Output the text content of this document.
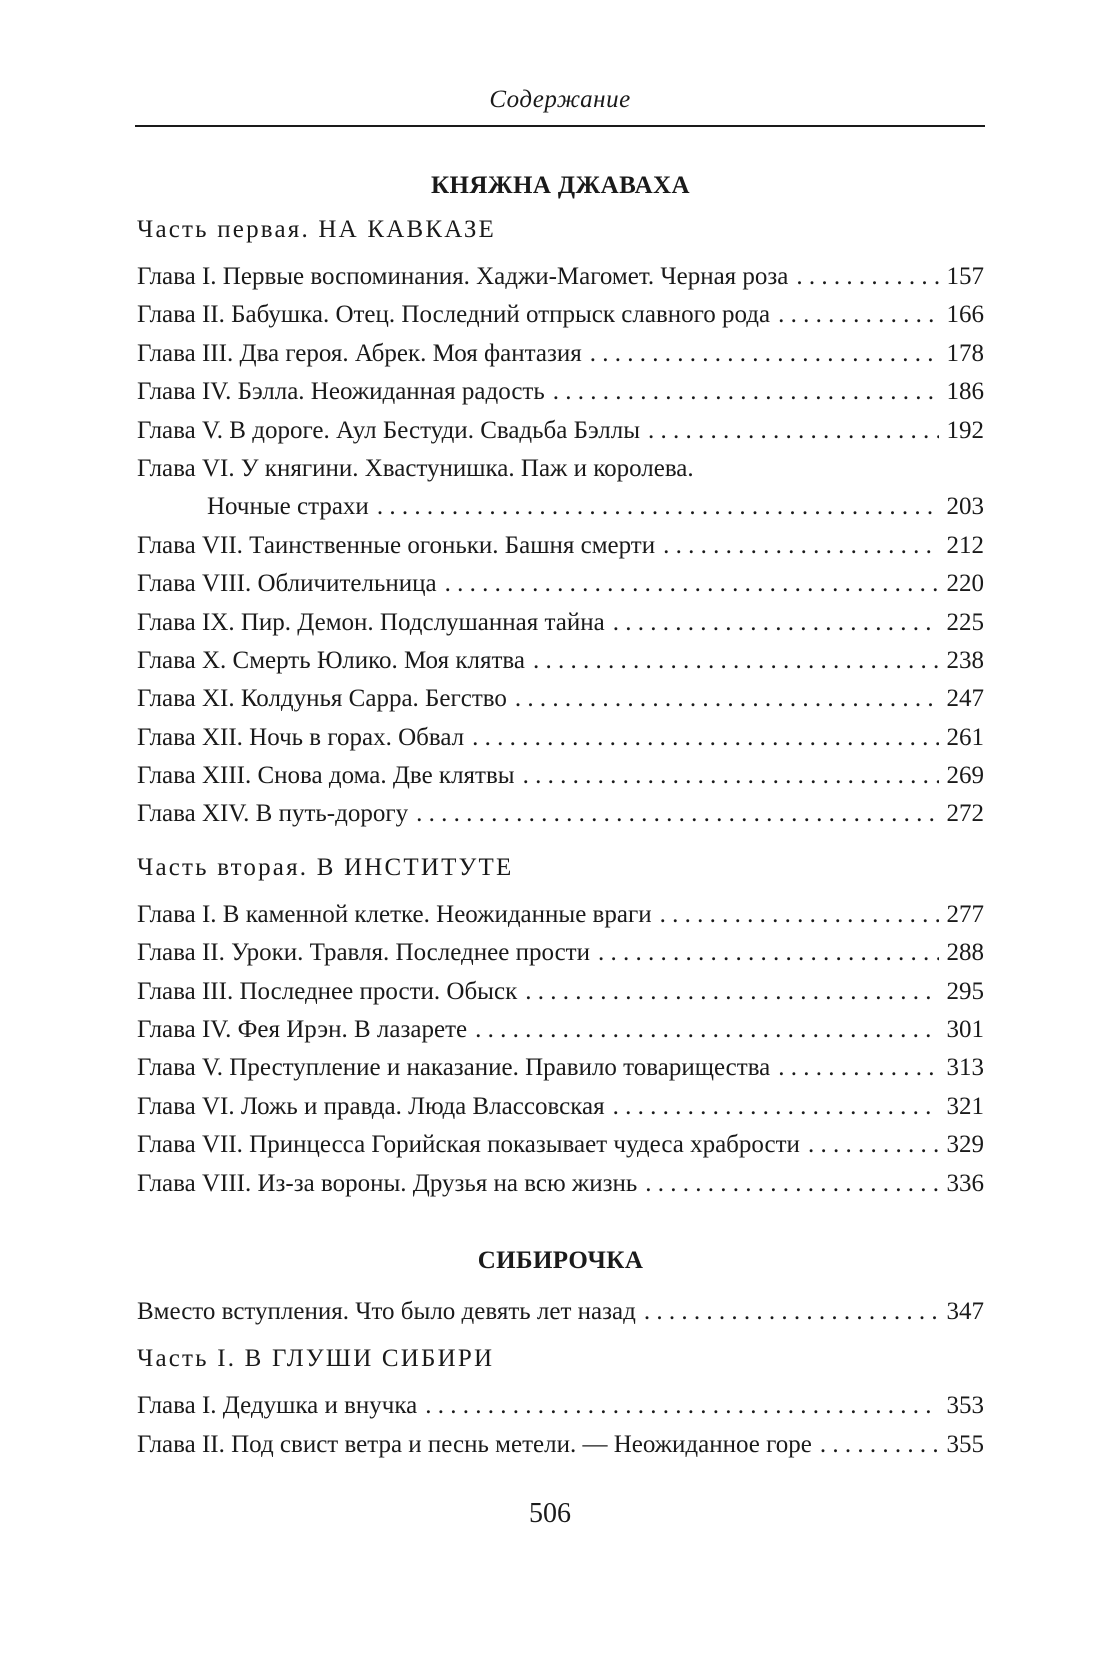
Содержание
КНЯЖНА ДЖАВАХА
Часть первая. НА КАВКАЗЕ
Глава I. Первые воспоминания. Хаджи-Магомет. Черная роза . . .	157
Глава II. Бабушка. Отец. Последний отпрыск славного рода . . .	166
Глава III. Два героя. Абрек. Моя фантазия . . .	178
Глава IV. Бэлла. Неожиданная радость . . .	186
Глава V. В дороге. Аул Бестуди. Свадьба Бэллы . . .	192
Глава VI. У княгини. Хвастунишка. Паж и королева.
Ночные страхи . . .	203
Глава VII. Таинственные огоньки. Башня смерти . . .	212
Глава VIII. Обличительница . . .	220
Глава IX. Пир. Демон. Подслушанная тайна . . .	225
Глава X. Смерть Юлико. Моя клятва . . .	238
Глава XI. Колдунья Сарра. Бегство . . .	247
Глава XII. Ночь в горах. Обвал . . .	261
Глава XIII. Снова дома. Две клятвы . . .	269
Глава XIV. В путь-дорогу . . .	272
Часть вторая. В ИНСТИТУТЕ
Глава I. В каменной клетке. Неожиданные враги . . .	277
Глава II. Уроки. Травля. Последнее прости . . .	288
Глава III. Последнее прости. Обыск . . .	295
Глава IV. Фея Ирэн. В лазарете . . .	301
Глава V. Преступление и наказание. Правило товарищества . . .	313
Глава VI. Ложь и правда. Люда Влассовская . . .	321
Глава VII. Принцесса Горийская показывает чудеса храбрости . . .	329
Глава VIII. Из-за вороны. Друзья на всю жизнь . . .	336
СИБИРОЧКА
Вместо вступления. Что было девять лет назад . . .	347
Часть I. В ГЛУШИ СИБИРИ
Глава I. Дедушка и внучка . . .	353
Глава II. Под свист ветра и песнь метели. — Неожиданное горе . . .	355
506
